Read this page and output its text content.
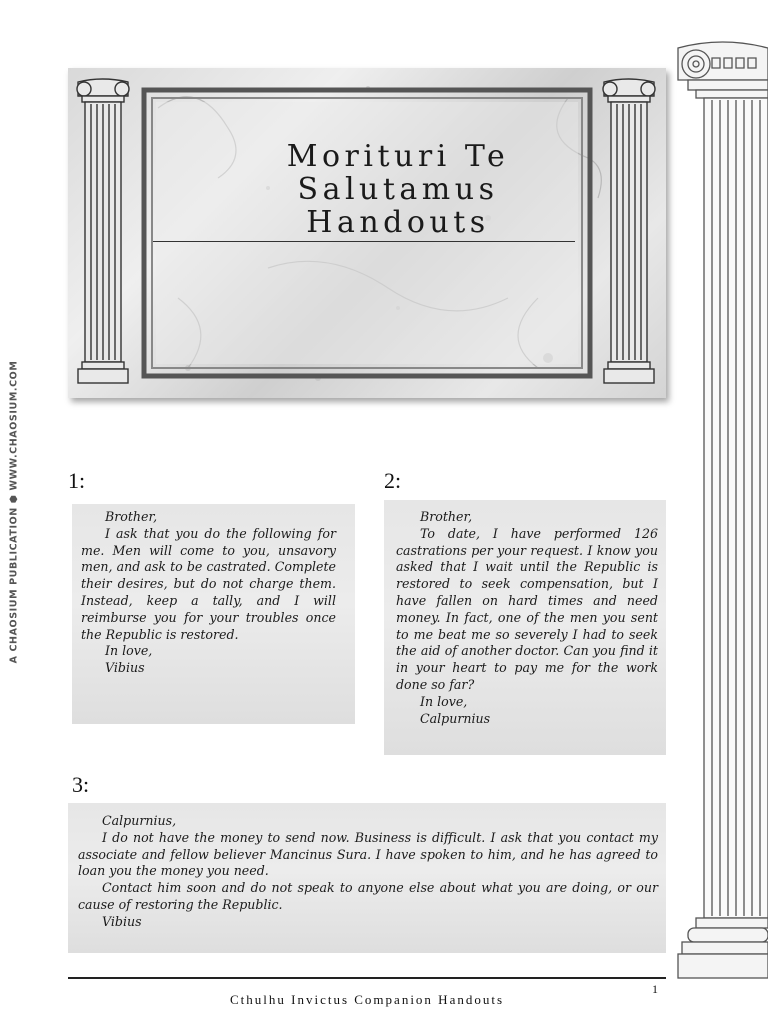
A CHAOSIUM PUBLICATION ⬢ WWW.CHAOSIUM.COM
Morituri Te
Salutamus
Handouts
1:

Brother,

I ask that you do the following for me. Men will come to you, unsavory men, and ask to be castrated. Complete their desires, but do not charge them. Instead, keep a tally, and I will reimburse you for your troubles once the Republic is restored.

In love,

Vibius

2:

Brother,

To date, I have performed 126 castrations per your request. I know you asked that I wait until the Republic is restored to seek compensation, but I have fallen on hard times and need money. In fact, one of the men you sent to me beat me so severely I had to seek the aid of another doctor. Can you find it in your heart to pay me for the work done so far?

In love,

Calpurnius

3:

Calpurnius,

I do not have the money to send now. Business is difficult. I ask that you contact my associate and fellow believer Mancinus Sura. I have spoken to him, and he has agreed to loan you the money you need.

Contact him soon and do not speak to anyone else about what you are doing, or our cause of restoring the Republic.

Vibius

1
Cthulhu Invictus Companion Handouts
